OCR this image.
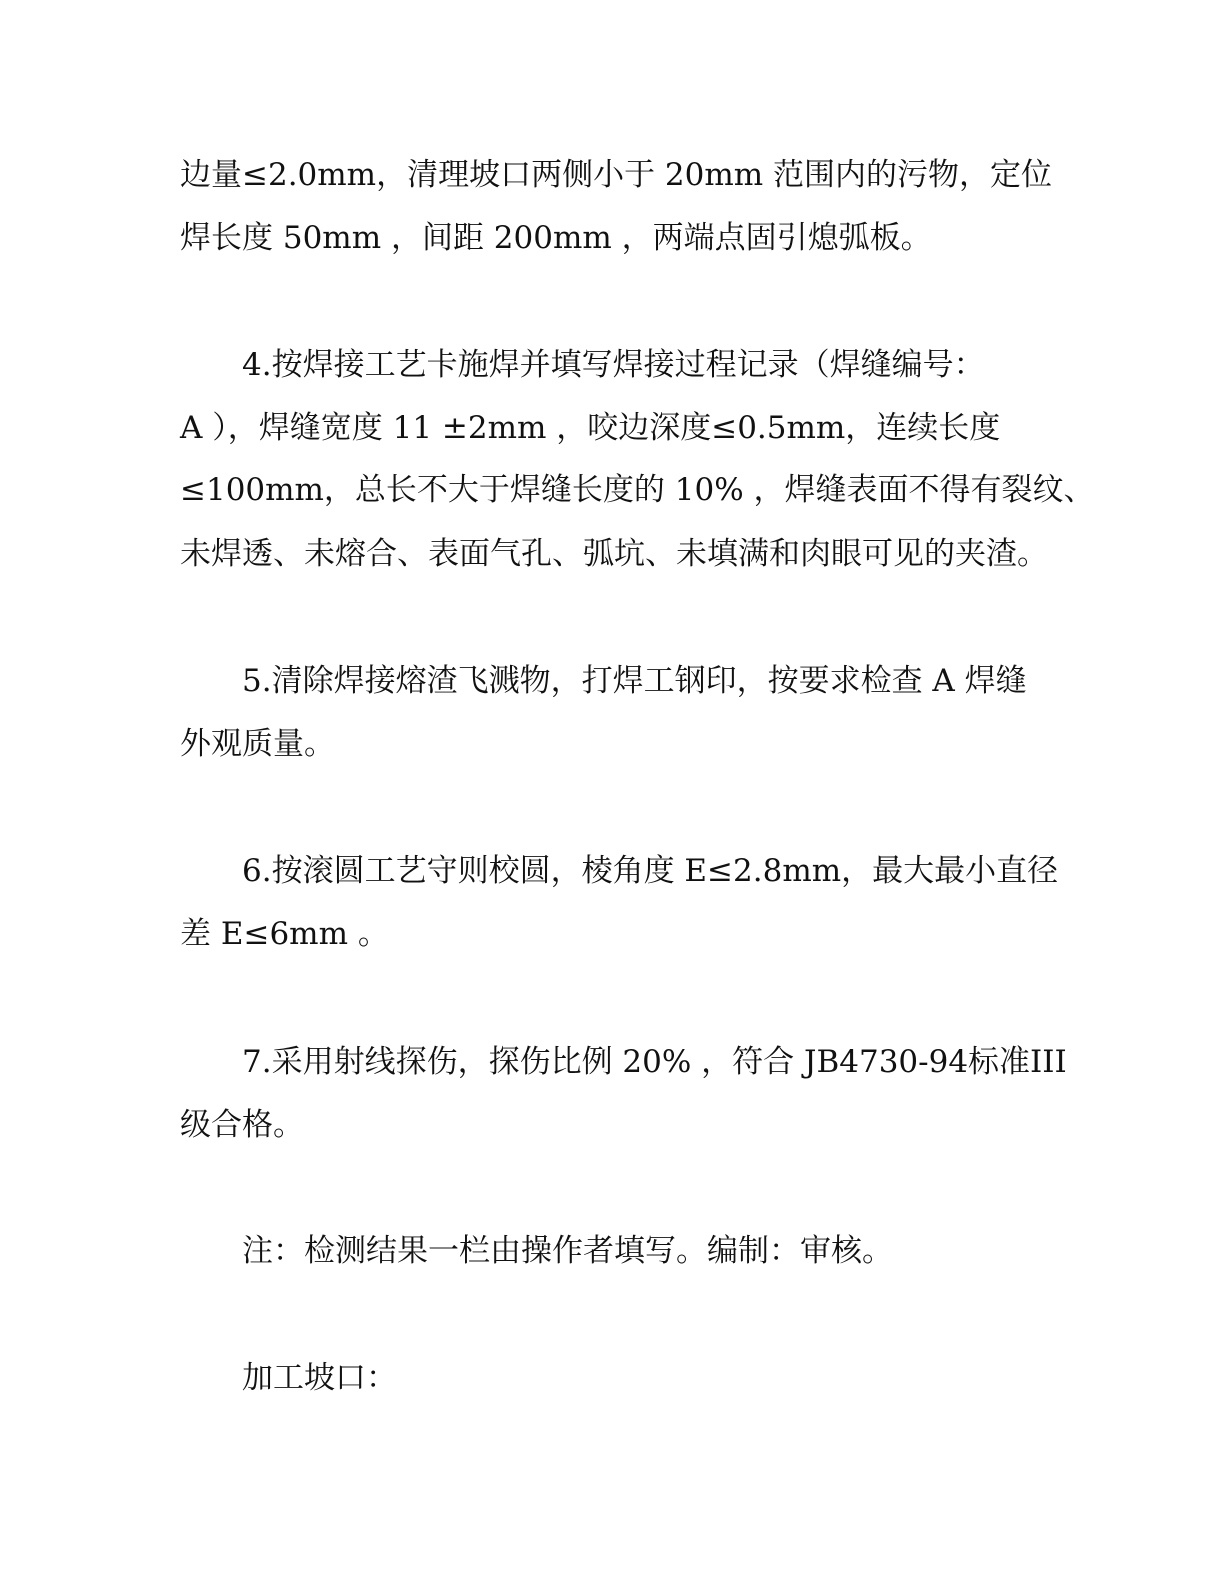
边量≤2.0mm，清理坡口两侧小于 20mm 范围内的污物，定位
焊长度 50mm ，间距 200mm ，两端点固引熄弧板。
4.按焊接工艺卡施焊并填写焊接过程记录（焊缝编号：
A ），焊缝宽度 11 ±2mm ，咬边深度≤0.5mm，连续长度
≤100mm，总长不大于焊缝长度的 10% ，焊缝表面不得有裂纹、
未焊透、未熔合、表面气孔、弧坑、未填满和肉眼可见的夹渣。
5.清除焊接熔渣飞溅物，打焊工钢印，按要求检查 A 焊缝
外观质量。
6.按滚圆工艺守则校圆，棱角度 E≤2.8mm，最大最小直径
差 E≤6mm 。
7.采用射线探伤，探伤比例 20% ，符合 JB4730-94标准III
级合格。
注：检测结果一栏由操作者填写。编制：审核。
加工坡口：
